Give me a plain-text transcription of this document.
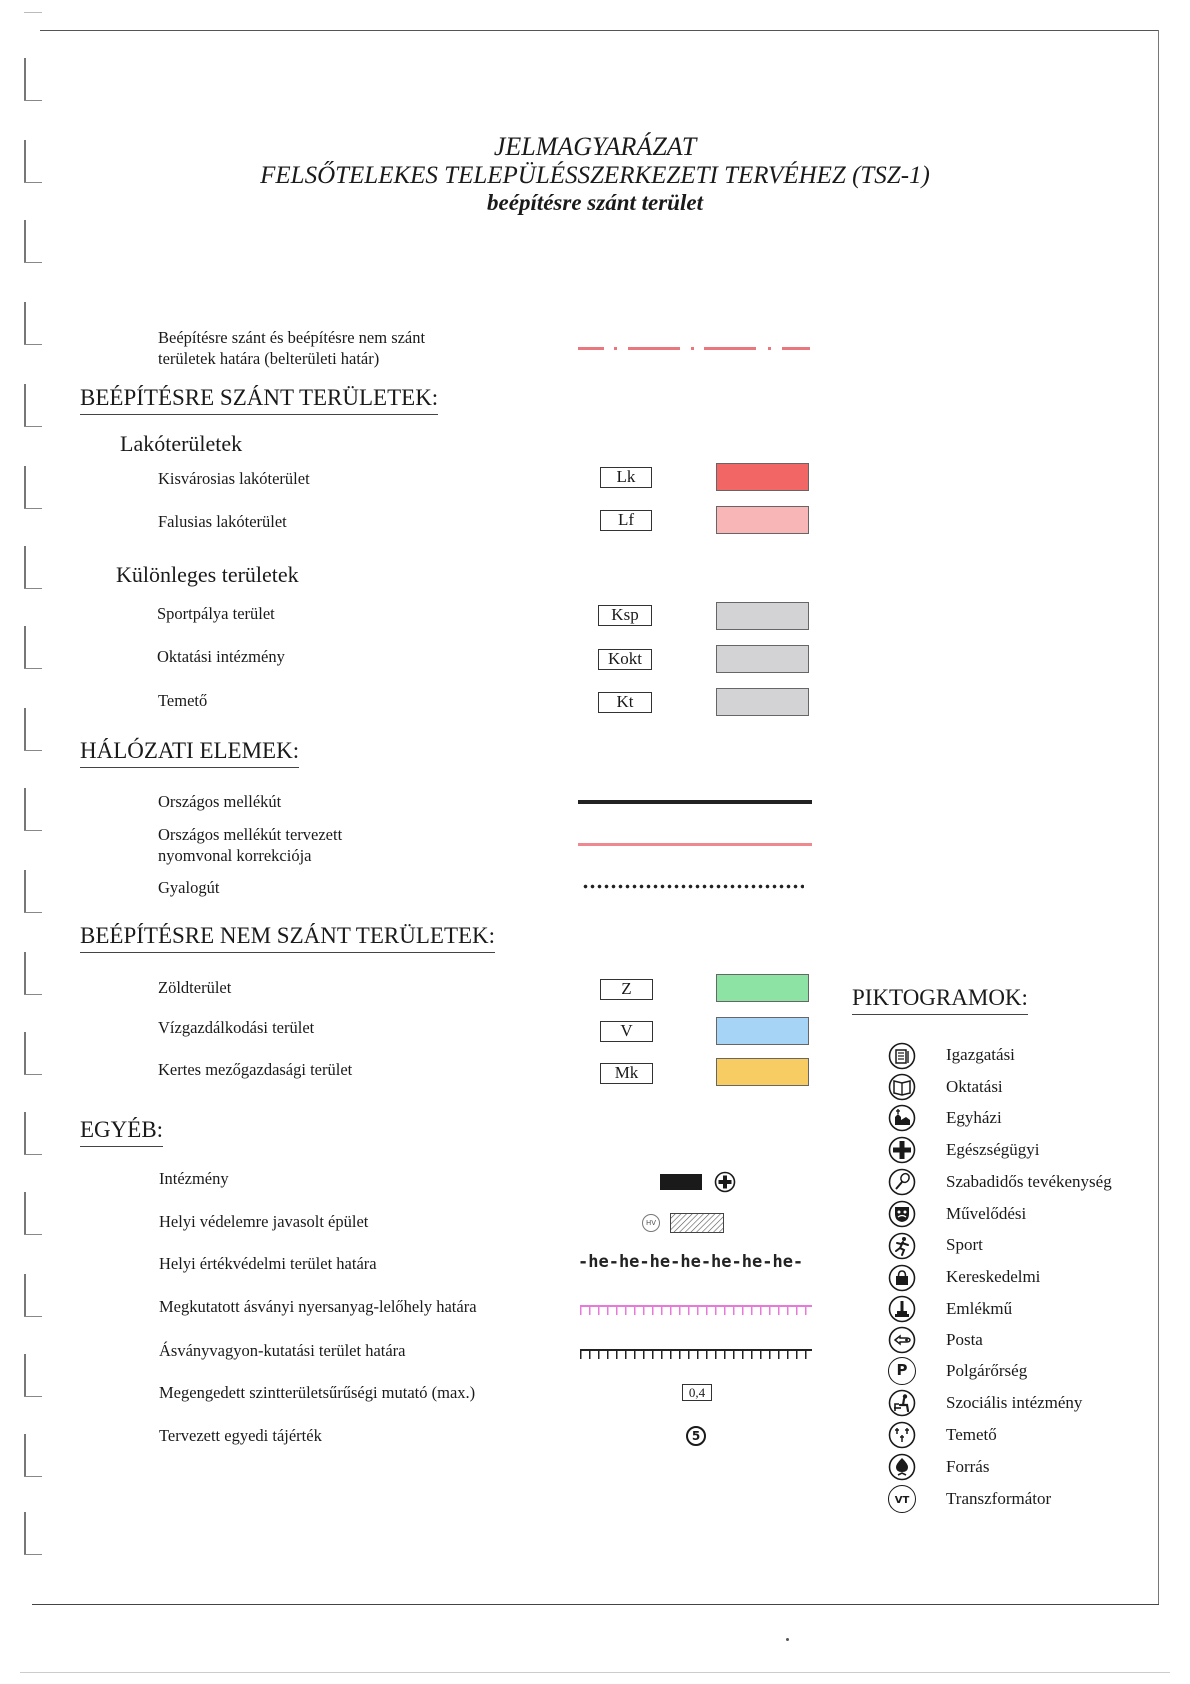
JELMAGYARÁZAT
FELSŐTELEKES TELEPÜLÉSSZERKEZETI TERVÉHEZ (TSZ-1)
beépítésre szánt terület
Beépítésre szánt és beépítésre nem szánt
területek határa (belterületi határ)
BEÉPÍTÉSRE SZÁNT TERÜLETEK:
Lakóterületek
Kisvárosias lakóterület	Lk
Falusias lakóterület	Lf
Különleges területek
Sportpálya terület	Ksp
Oktatási intézmény	Kokt
Temető	Kt
HÁLÓZATI ELEMEK:
Országos mellékút
Országos mellékút tervezett
nyomvonal korrekciója
Gyalogút
BEÉPÍTÉSRE NEM SZÁNT TERÜLETEK:
Zöldterület	Z
Vízgazdálkodási terület	V
Kertes mezőgazdasági terület	Mk
EGYÉB:
Intézmény
Helyi védelemre javasolt épület	HV
Helyi értékvédelmi terület határa	-he-he-he-he-he-he-he-
Megkutatott ásványi nyersanyag-lelőhely határa
Ásványvagyon-kutatási terület határa
Megengedett szintterületsűrűségi mutató (max.)	0,4
Tervezett egyedi tájérték	5
PIKTOGRAMOK:
Igazgatási
Oktatási
Egyházi
Egészségügyi
Szabadidős tevékenység
Művelődési
Sport
Kereskedelmi
Emlékmű
Posta
P	Polgárőrség
Szociális intézmény
Temető
Forrás
VT	Transzformátor
